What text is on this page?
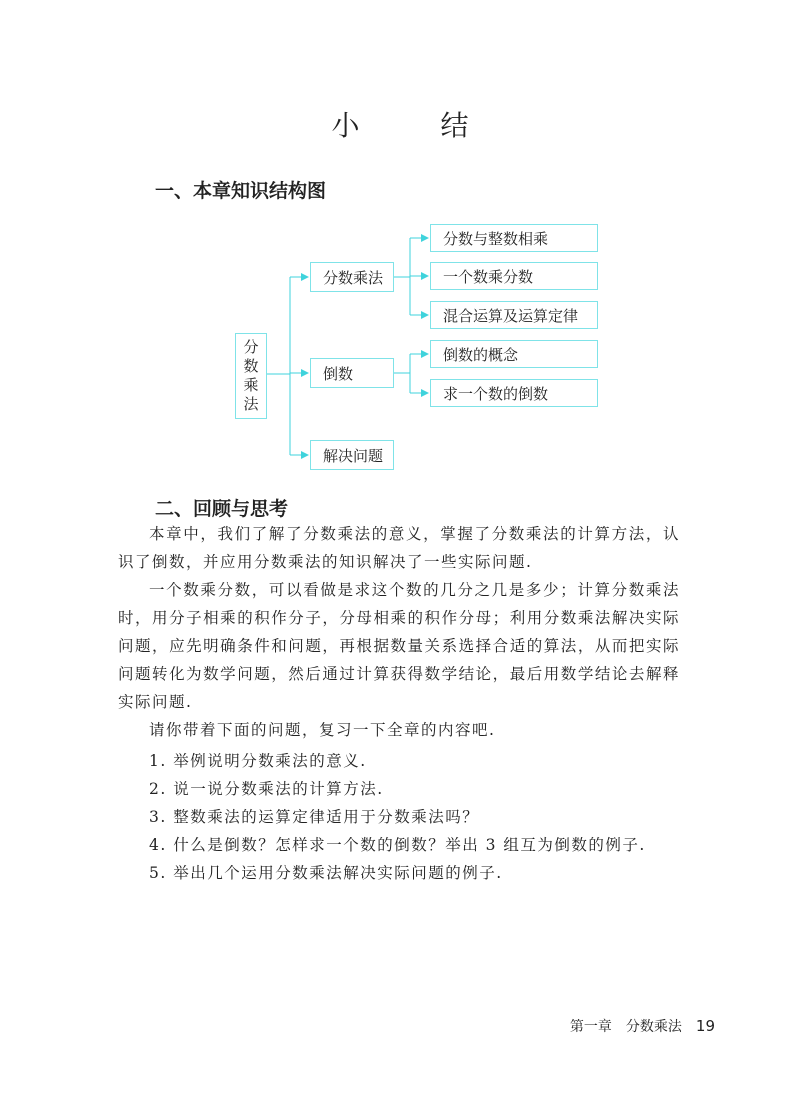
小 结
一、本章知识结构图
分
数
乘
法
分数乘法
倒数
解决问题
分数与整数相乘
一个数乘分数
混合运算及运算定律
倒数的概念
求一个数的倒数
二、回顾与思考

本章中，我们了解了分数乘法的意义，掌握了分数乘法的计算方法，认识了倒数，并应用分数乘法的知识解决了一些实际问题.

一个数乘分数，可以看做是求这个数的几分之几是多少；计算分数乘法时，用分子相乘的积作分子，分母相乘的积作分母；利用分数乘法解决实际问题，应先明确条件和问题，再根据数量关系选择合适的算法，从而把实际问题转化为数学问题，然后通过计算获得数学结论，最后用数学结论去解释实际问题.

请你带着下面的问题，复习一下全章的内容吧.

1. 举例说明分数乘法的意义.

2. 说一说分数乘法的计算方法.

3. 整数乘法的运算定律适用于分数乘法吗？

4. 什么是倒数？怎样求一个数的倒数？举出 3 组互为倒数的例子.

5. 举出几个运用分数乘法解决实际问题的例子.

第一章　分数乘法 19
